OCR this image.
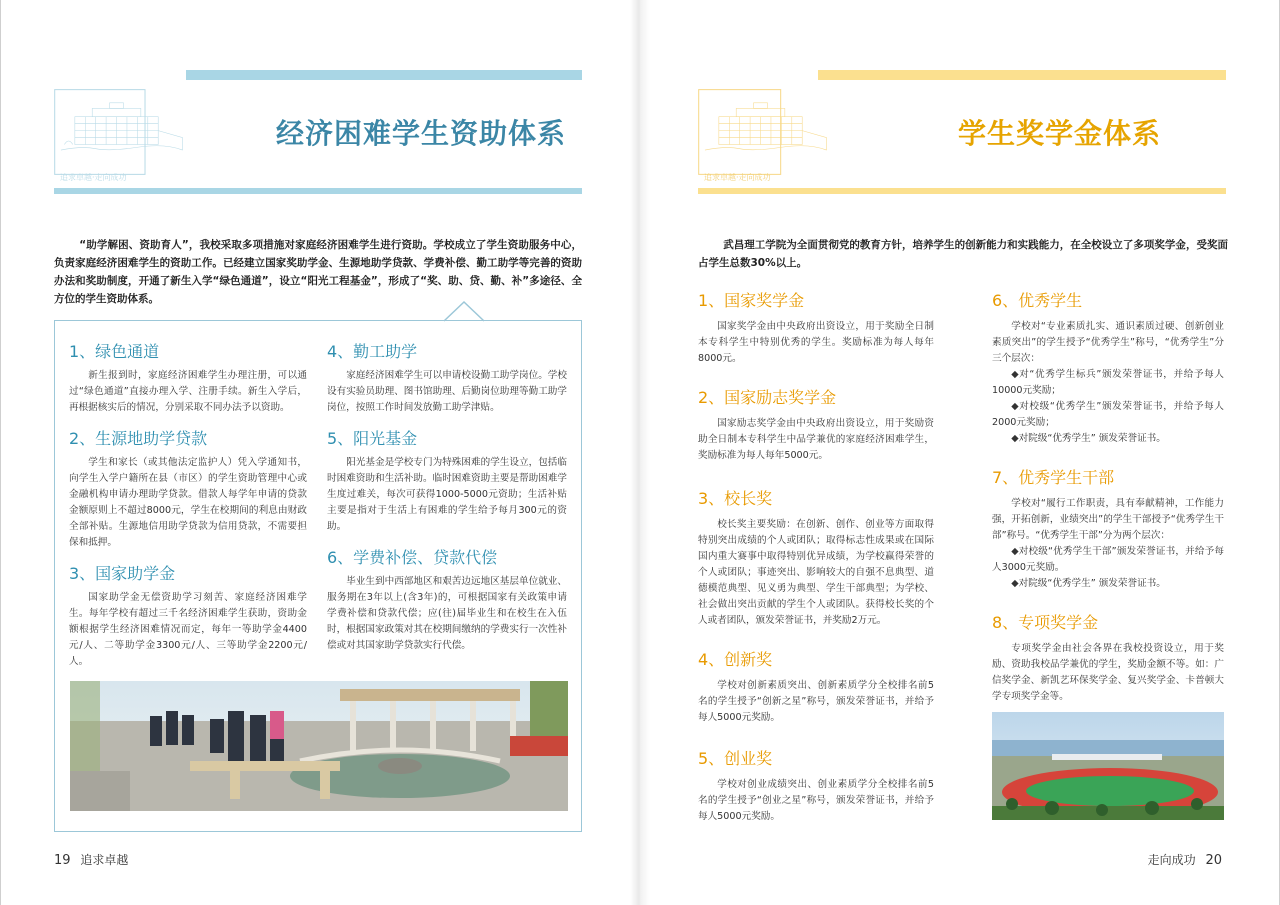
经济困难学生资助体系
追求卓越·走向成功
“助学解困、资助育人”，我校采取多项措施对家庭经济困难学生进行资助。学校成立了学生资助服务中心，负责家庭经济困难学生的资助工作。已经建立国家奖助学金、生源地助学贷款、学费补偿、勤工助学等完善的资助办法和奖助制度，开通了新生入学“绿色通道”，设立“阳光工程基金”，形成了“奖、助、贷、勤、补”多途径、全方位的学生资助体系。
1、绿色通道

新生报到时，家庭经济困难学生办理注册，可以通过“绿色通道”直接办理入学、注册手续。新生入学后，再根据核实后的情况，分别采取不同办法予以资助。

2、生源地助学贷款

学生和家长（或其他法定监护人）凭入学通知书，向学生入学户籍所在县（市区）的学生资助管理中心或金融机构申请办理助学贷款。借款人每学年申请的贷款金额原则上不超过8000元，学生在校期间的利息由财政全部补贴。生源地信用助学贷款为信用贷款，不需要担保和抵押。

3、国家助学金

国家助学金无偿资助学习刻苦、家庭经济困难学生。每年学校有超过三千名经济困难学生获助，资助金额根据学生经济困难情况而定，每年一等助学金4400元/人、二等助学金3300元/人、三等助学金2200元/人。

4、勤工助学

家庭经济困难学生可以申请校设勤工助学岗位。学校设有实验员助理、图书馆助理、后勤岗位助理等勤工助学岗位，按照工作时间发放勤工助学津贴。

5、阳光基金

阳光基金是学校专门为特殊困难的学生设立，包括临时困难资助和生活补助。临时困难资助主要是帮助困难学生度过难关，每次可获得1000-5000元资助；生活补贴主要是指对于生活上有困难的学生给予每月300元的资助。

6、学费补偿、贷款代偿

毕业生到中西部地区和艰苦边远地区基层单位就业、服务期在3年以上(含3年)的，可根据国家有关政策申请学费补偿和贷款代偿；应(往)届毕业生和在校生在入伍时，根据国家政策对其在校期间缴纳的学费实行一次性补偿或对其国家助学贷款实行代偿。

19 追求卓越
学生奖学金体系
追求卓越·走向成功
武昌理工学院为全面贯彻党的教育方针，培养学生的创新能力和实践能力，在全校设立了多项奖学金，受奖面占学生总数30%以上。
1、国家奖学金

国家奖学金由中央政府出资设立，用于奖励全日制本专科学生中特别优秀的学生。奖励标准为每人每年8000元。

2、国家励志奖学金

国家励志奖学金由中央政府出资设立，用于奖励资助全日制本专科学生中品学兼优的家庭经济困难学生，奖励标准为每人每年5000元。

3、校长奖

校长奖主要奖励：在创新、创作、创业等方面取得特别突出成绩的个人或团队；取得标志性成果或在国际国内重大赛事中取得特别优异成绩，为学校赢得荣誉的个人或团队；事迹突出、影响较大的自强不息典型、道德模范典型、见义勇为典型、学生干部典型；为学校、社会做出突出贡献的学生个人或团队。获得校长奖的个人或者团队，颁发荣誉证书，并奖励2万元。

4、创新奖

学校对创新素质突出、创新素质学分全校排名前5名的学生授予“创新之星”称号，颁发荣誉证书，并给予每人5000元奖励。

5、创业奖

学校对创业成绩突出、创业素质学分全校排名前5名的学生授予“创业之星”称号，颁发荣誉证书，并给予每人5000元奖励。

6、优秀学生

学校对“专业素质扎实、通识素质过硬、创新创业素质突出”的学生授予“优秀学生”称号，“优秀学生”分三个层次：

◆对“优秀学生标兵”颁发荣誉证书，并给予每人10000元奖励；

◆对校级“优秀学生”颁发荣誉证书，并给予每人2000元奖励；

◆对院级“优秀学生” 颁发荣誉证书。

7、优秀学生干部

学校对“履行工作职责，具有奉献精神，工作能力强，开拓创新，业绩突出”的学生干部授予“优秀学生干部”称号。“优秀学生干部”分为两个层次：

◆对校级“优秀学生干部”颁发荣誉证书，并给予每人3000元奖励。

◆对院级“优秀学生” 颁发荣誉证书。

8、专项奖学金

专项奖学金由社会各界在我校投资设立，用于奖励、资助我校品学兼优的学生，奖励金额不等。如：广信奖学金、新凯艺环保奖学金、复兴奖学金、卡普顿大学专项奖学金等。

走向成功 20
